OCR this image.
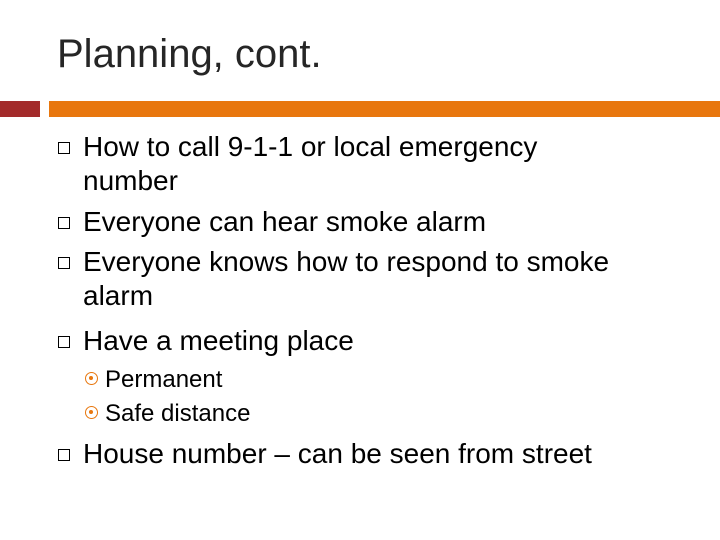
Planning, cont.
How to call 9-1-1 or local emergency
number
Everyone can hear smoke alarm
Everyone knows how to respond to smoke
alarm
Have a meeting place
Permanent
Safe distance
House number – can be seen from street
